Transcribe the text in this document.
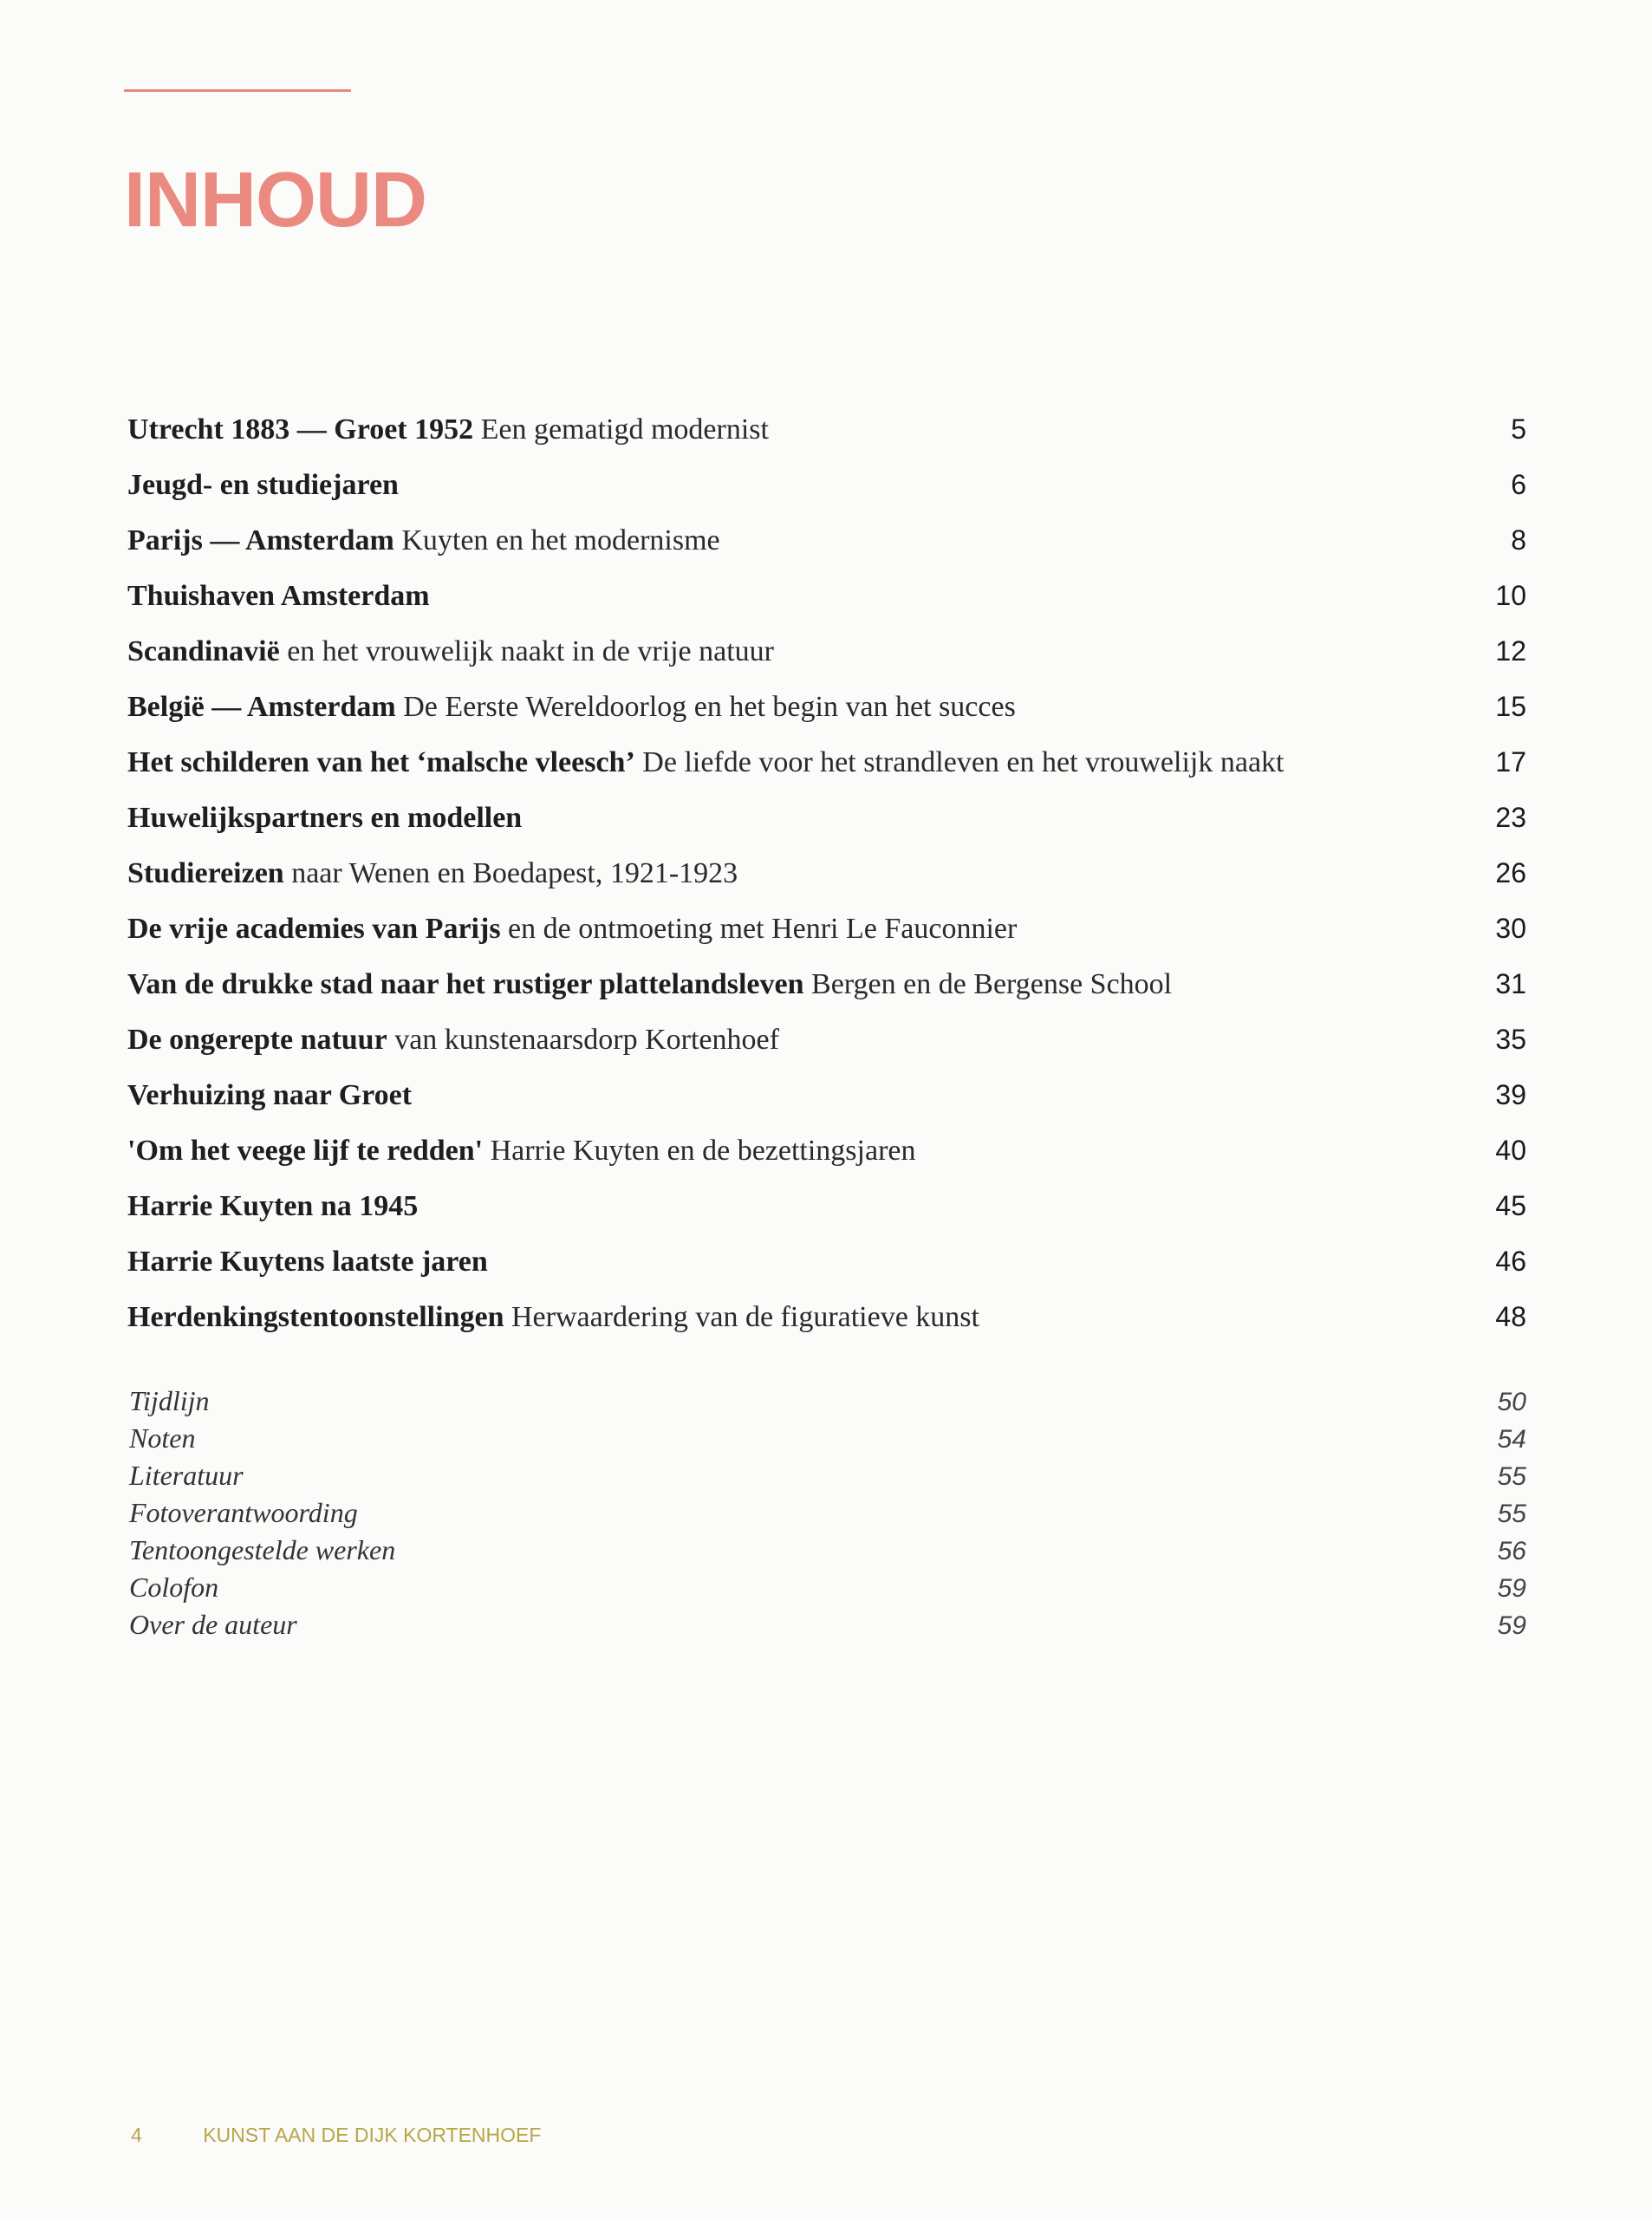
INHOUD
Utrecht 1883 — Groet 1952 Een gematigd modernist	5
Jeugd- en studiejaren	6
Parijs — Amsterdam Kuyten en het modernisme	8
Thuishaven Amsterdam	10
Scandinavië en het vrouwelijk naakt in de vrije natuur	12
België — Amsterdam De Eerste Wereldoorlog en het begin van het succes	15
Het schilderen van het ‘malsche vleesch’ De liefde voor het strandleven en het vrouwelijk naakt	17
Huwelijkspartners en modellen	23
Studiereizen naar Wenen en Boedapest, 1921-1923	26
De vrije academies van Parijs en de ontmoeting met Henri Le Fauconnier	30
Van de drukke stad naar het rustiger plattelandsleven Bergen en de Bergense School	31
De ongerepte natuur van kunstenaarsdorp Kortenhoef	35
Verhuizing naar Groet	39
'Om het veege lijf te redden' Harrie Kuyten en de bezettingsjaren	40
Harrie Kuyten na 1945	45
Harrie Kuytens laatste jaren	46
Herdenkingstentoonstellingen Herwaardering van de figuratieve kunst	48
Tijdlijn	50
Noten	54
Literatuur	55
Fotoverantwoording	55
Tentoongestelde werken	56
Colofon	59
Over de auteur	59
4	KUNST AAN DE DIJK KORTENHOEF
